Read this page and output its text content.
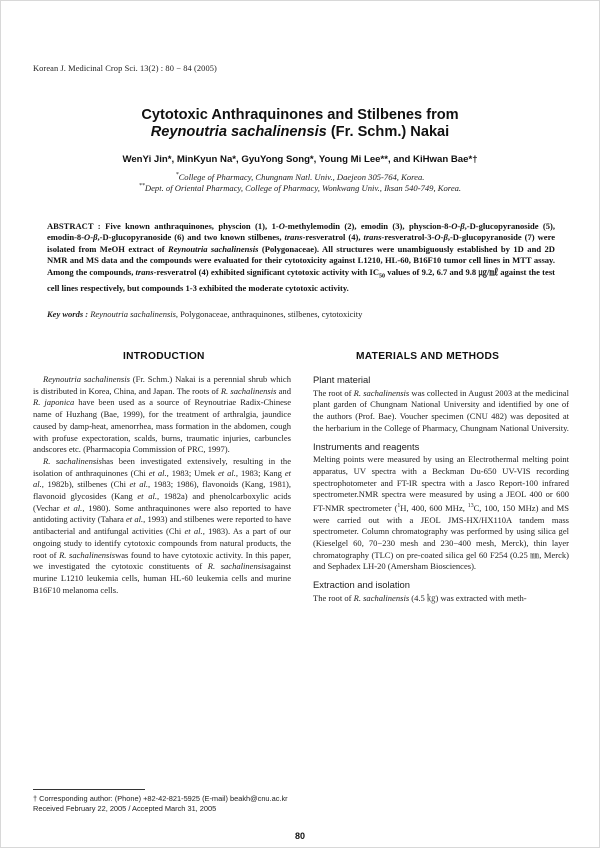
Korean J. Medicinal Crop Sci. 13(2) : 80 − 84 (2005)
Cytotoxic Anthraquinones and Stilbenes from
Reynoutria sachalinensis (Fr. Schm.) Nakai
WenYi Jin*, MinKyun Na*, GyuYong Song*, Young Mi Lee**, and KiHwan Bae*†
*College of Pharmacy, Chungnam Natl. Univ., Daejeon 305-764, Korea.
**Dept. of Oriental Pharmacy, College of Pharmacy, Wonkwang Univ., Iksan 540-749, Korea.
ABSTRACT : Five known anthraquinones, physcion (1), 1-O-methylemodin (2), emodin (3), physcion-8-O-β,-D-glucopyranoside (5), emodin-8-O-β,-D-glucopyranoside (6) and two known stilbenes, trans-resveratrol (4), trans-resveratrol-3-O-β,-D-glucopyranoside (7) were isolated from MeOH extract of Reynoutria sachalinensis (Polygonaceae). All structures were unambiguously established by 1D and 2D NMR and MS data and the compounds were evaluated for their cytotoxicity against L1210, HL-60, B16F10 tumor cell lines in MTT assay. Among the compounds, trans-resveratrol (4) exhibited significant cytotoxic activity with $IC_{50}$ values of 9.2, 6.7 and 9.8 ㎍/㎖ against the test cell lines respectively, but compounds 1-3 exhibited the moderate cytotoxic activity.
Key words : Reynoutria sachalinensis, Polygonaceae, anthraquinones, stilbenes, cytotoxicity
INTRODUCTION	MATERIALS AND METHODS

Reynoutria sachalinensis (Fr. Schm.) Nakai is a perennial shrub which is distributed in Korea, China, and Japan. The roots of R. sachalinensis and R. japonica have been used as a source of Reynoutriae Radix-Chinese name of Huzhang (Bae, 1999), for the treatment of arthralgia, jaundice caused by damp-heat, amenorrhea, mass formation in the abdomen, cough with profuse expectoration, scalds, burns, traumatic injuries, carbuncles andscores etc. (Pharmacopia Commission of PRC, 1997).

R. sachalinensishas been investigated extensively, resulting in the isolation of anthraquinones (Chi et al., 1983; Umek et al., 1983; Kang et al., 1982b), stilbenes (Chi et al., 1983; 1986), flavonoids (Kang, 1981), flavonoid glycosides (Kang et al., 1982a) and phenolcarboxylic acids (Vechar et al., 1980). Some anthraquinones were also reported to have antidoting activity (Tahara et al., 1993) and stilbenes were reported to have antibacterial and antifungal activities (Chi et al., 1983). As a part of our ongoing study to identify cytotoxic compounds from natural products, the root of R. sachalinensiswas found to have cytotoxic activity. In this paper, we investigated the cytotoxic constituents of R. sachalinensisagainst murine L1210 leukemia cells, human HL-60 leukemia cells and murine B16F10 melanoma cells.

Plant material

The root of R. sachalinensis was collected in August 2003 at the medicinal plant garden of Chungnam National University and identified by one of the authors (Prof. Bae). Voucher specimen (CNU 482) was deposited at the herbarium in the College of Pharmacy, Chungnam National University.

Instruments and reagents

Melting points were measured by using an Electrothermal melting point apparatus, UV spectra with a Beckman Du-650 UV-VIS recording spectrophotometer and FT-IR spectra with a Jasco Report-100 infrared spectrometer.NMR spectra were measured by using a JEOL 400 or 600 FT-NMR spectrometer ($^1$H, 400, 600 MHz, $^{13}$C, 100, 150 MHz) and MS were carried out with a JEOL JMS-HX/HX110A tandem mass spectrometer. Column chromatography was performed by using silica gel (Kieselgel 60, 70−230 mesh and 230−400 mesh, Merck), thin layer chromatography (TLC) on pre-coated silica gel 60 F254 (0.25 ㎜, Merck) and Sephadex LH-20 (Amersham Biosciences).

Extraction and isolation

The root of R. sachalinensis (4.5 ㎏) was extracted with meth-

† Corresponding author: (Phone) +82-42-821-5925 (E-mail) beakh@cnu.ac.kr
Received February 22, 2005 / Accepted March 31, 2005
80
